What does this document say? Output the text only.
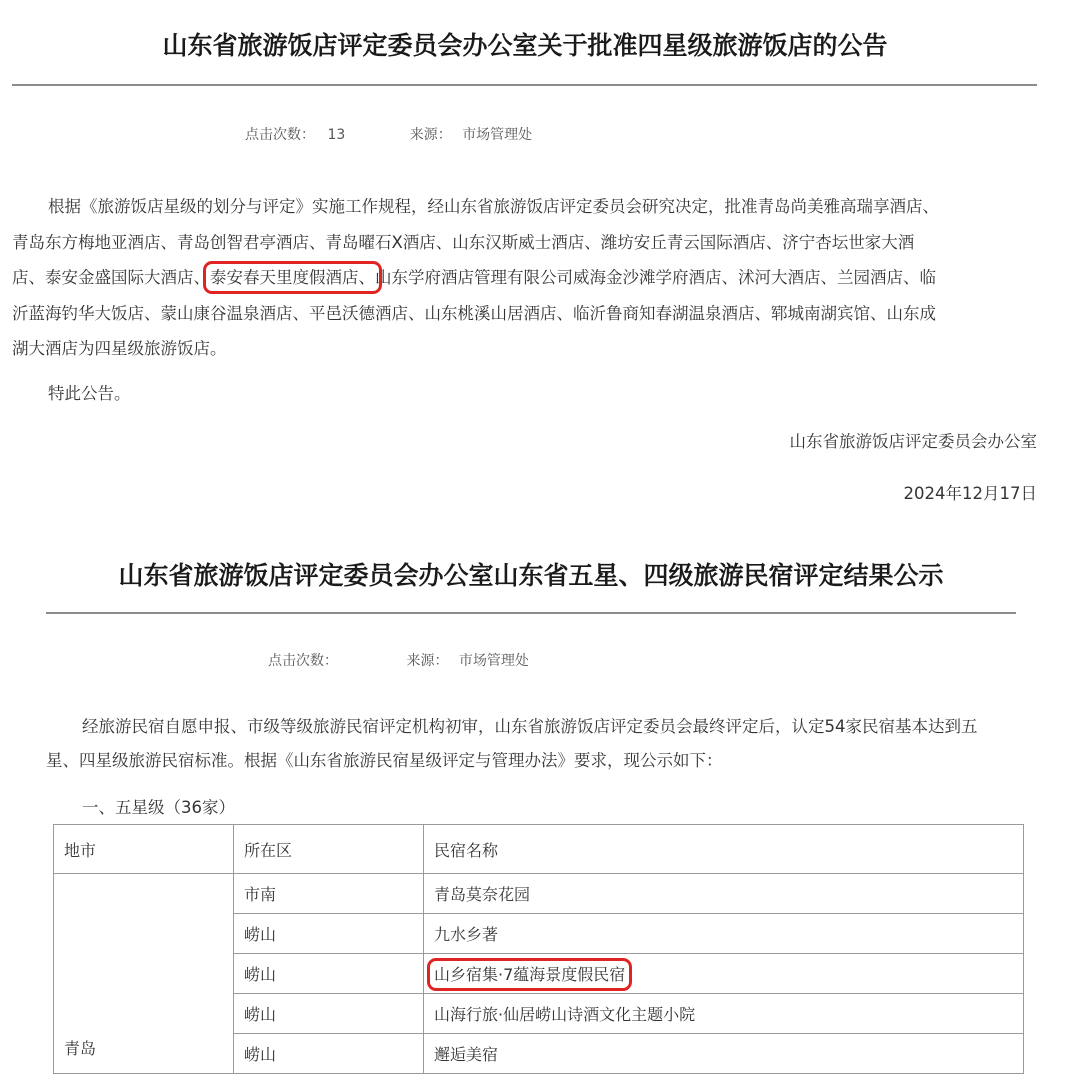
山东省旅游饭店评定委员会办公室关于批准四星级旅游饭店的公告
点击次数： 13	来源： 市场管理处
根据《旅游饭店星级的划分与评定》实施工作规程，经山东省旅游饭店评定委员会研究决定，批准青岛尚美雅高瑞享酒店、
青岛东方梅地亚酒店、青岛创智君亭酒店、青岛曜石X酒店、山东汉斯威士酒店、潍坊安丘青云国际酒店、济宁杏坛世家大酒
店、泰安金盛国际大酒店、泰安春天里度假酒店、山东学府酒店管理有限公司威海金沙滩学府酒店、沭河大酒店、兰园酒店、临
沂蓝海钓华大饭店、蒙山康谷温泉酒店、平邑沃德酒店、山东桃溪山居酒店、临沂鲁商知春湖温泉酒店、郓城南湖宾馆、山东成
湖大酒店为四星级旅游饭店。
特此公告。
山东省旅游饭店评定委员会办公室
2024年12月17日
山东省旅游饭店评定委员会办公室山东省五星、四级旅游民宿评定结果公示
点击次数：	来源： 市场管理处
经旅游民宿自愿申报、市级等级旅游民宿评定机构初审，山东省旅游饭店评定委员会最终评定后，认定54家民宿基本达到五
星、四星级旅游民宿标准。根据《山东省旅游民宿星级评定与管理办法》要求，现公示如下：
一、五星级（36家）
地市	所在区	民宿名称
青岛	市南	青岛莫奈花园
	崂山	九水乡著
	崂山	山乡宿集·7蕴海景度假民宿
	崂山	山海行旅·仙居崂山诗酒文化主题小院
	崂山	邂逅美宿
